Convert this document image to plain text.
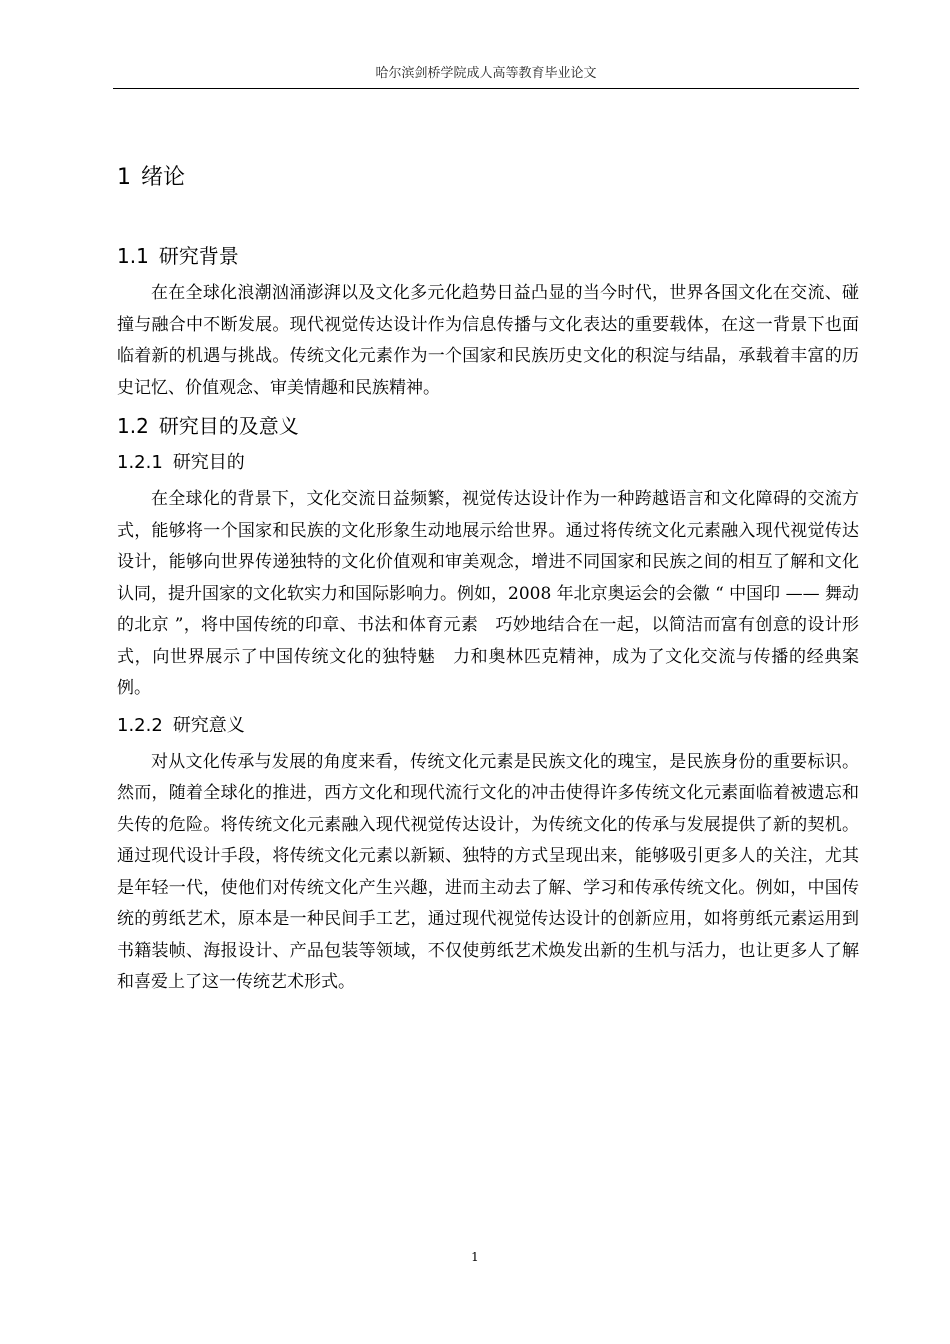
哈尔滨剑桥学院成人高等教育毕业论文
1 绪论
1.1 研究背景

在在全球化浪潮汹涌澎湃以及文化多元化趋势日益凸显的当今时代，世界各国文化在交流、碰撞与融合中不断发展。现代视觉传达设计作为信息传播与文化表达的重要载体，在这一背景下也面临着新的机遇与挑战。传统文化元素作为一个国家和民族历史文化的积淀与结晶，承载着丰富的历史记忆、价值观念、审美情趣和民族精神。

1.2 研究目的及意义
1.2.1 研究目的

在全球化的背景下，文化交流日益频繁，视觉传达设计作为一种跨越语言和文化障碍的交流方式，能够将一个国家和民族的文化形象生动地展示给世界。通过将传统文化元素融入现代视觉传达设计，能够向世界传递独特的文化价值观和审美观念，增进不同国家和民族之间的相互了解和文化认同，提升国家的文化软实力和国际影响力。例如，2008 年北京奥运会的会徽 “ 中国印 —— 舞动的北京 ”，将中国传统的印章、书法和体育元素　巧妙地结合在一起，以简洁而富有创意的设计形式，向世界展示了中国传统文化的独特魅　力和奥林匹克精神，成为了文化交流与传播的经典案例。

1.2.2 研究意义

对从文化传承与发展的角度来看，传统文化元素是民族文化的瑰宝，是民族身份的重要标识。然而，随着全球化的推进，西方文化和现代流行文化的冲击使得许多传统文化元素面临着被遗忘和失传的危险。将传统文化元素融入现代视觉传达设计，为传统文化的传承与发展提供了新的契机。通过现代设计手段，将传统文化元素以新颖、独特的方式呈现出来，能够吸引更多人的关注，尤其是年轻一代，使他们对传统文化产生兴趣，进而主动去了解、学习和传承传统文化。例如，中国传统的剪纸艺术，原本是一种民间手工艺，通过现代视觉传达设计的创新应用，如将剪纸元素运用到书籍装帧、海报设计、产品包装等领域，不仅使剪纸艺术焕发出新的生机与活力，也让更多人了解和喜爱上了这一传统艺术形式。

1
